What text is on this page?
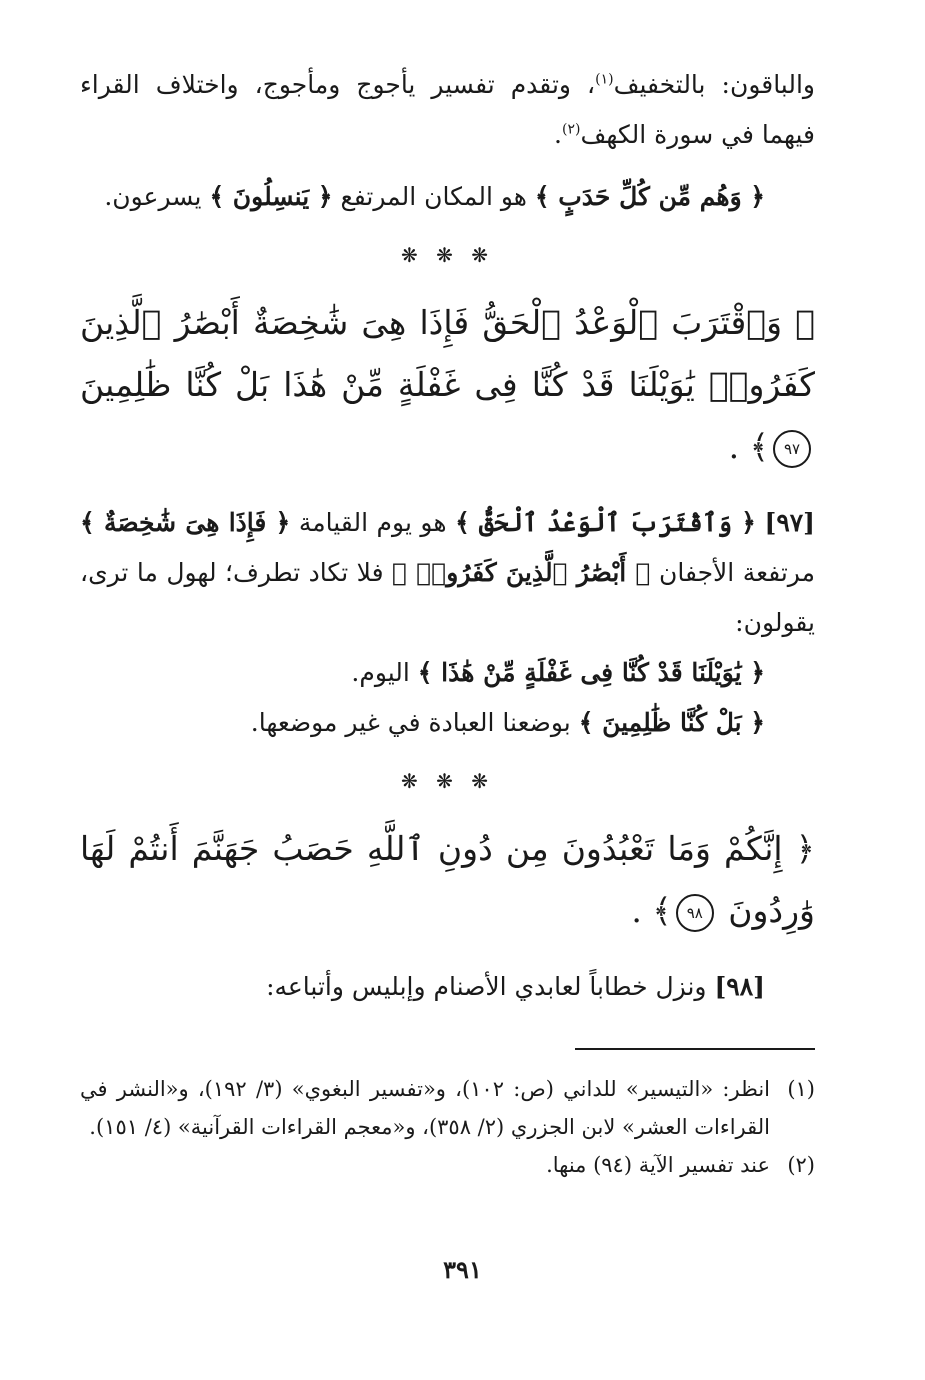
والباقون: بالتخفيف$^{(١)}$، وتقدم تفسير يأجوج ومأجوج، واختلاف القراء فيهما في سورة الكهف$^{(٢)}$.

﴿ وَهُم مِّن كُلِّ حَدَبٍ ﴾ هو المكان المرتفع ﴿ يَنسِلُونَ ﴾ يسرعون.

❋ ❋ ❋

﴿ وَٱقْتَرَبَ ٱلْوَعْدُ ٱلْحَقُّ فَإِذَا هِىَ شَٰخِصَةٌ أَبْصَٰرُ ٱلَّذِينَ كَفَرُوا۟ يَٰوَيْلَنَا قَدْ كُنَّا فِى غَفْلَةٍ مِّنْ هَٰذَا بَلْ كُنَّا ظَٰلِمِينَ ٩٧﴾ .

[٩٧] ﴿ وَٱقْتَرَبَ ٱلْوَعْدُ ٱلْحَقُّ ﴾ هو يوم القيامة ﴿ فَإِذَا هِىَ شَٰخِصَةٌ ﴾ مرتفعة الأجفان ﴿ أَبْصَٰرُ ٱلَّذِينَ كَفَرُوا۟ ﴾ فلا تكاد تطرف؛ لهول ما ترى، يقولون:

﴿ يَٰوَيْلَنَا قَدْ كُنَّا فِى غَفْلَةٍ مِّنْ هَٰذَا ﴾ اليوم.

﴿ بَلْ كُنَّا ظَٰلِمِينَ ﴾ بوضعنا العبادة في غير موضعها.

❋ ❋ ❋

﴿ إِنَّكُمْ وَمَا تَعْبُدُونَ مِن دُونِ ٱللَّهِ حَصَبُ جَهَنَّمَ أَنتُمْ لَهَا وَٰرِدُونَ ٩٨﴾ .

[٩٨] ونزل خطاباً لعابدي الأصنام وإبليس وأتباعه:

(١)
انظر: «التيسير» للداني (ص: ١٠٢)، و«تفسير البغوي» (٣/ ١٩٢)، و«النشر في القراءات العشر» لابن الجزري (٢/ ٣٥٨)، و«معجم القراءات القرآنية» (٤/ ١٥١).
(٢)
عند تفسير الآية (٩٤) منها.
٣٩١
